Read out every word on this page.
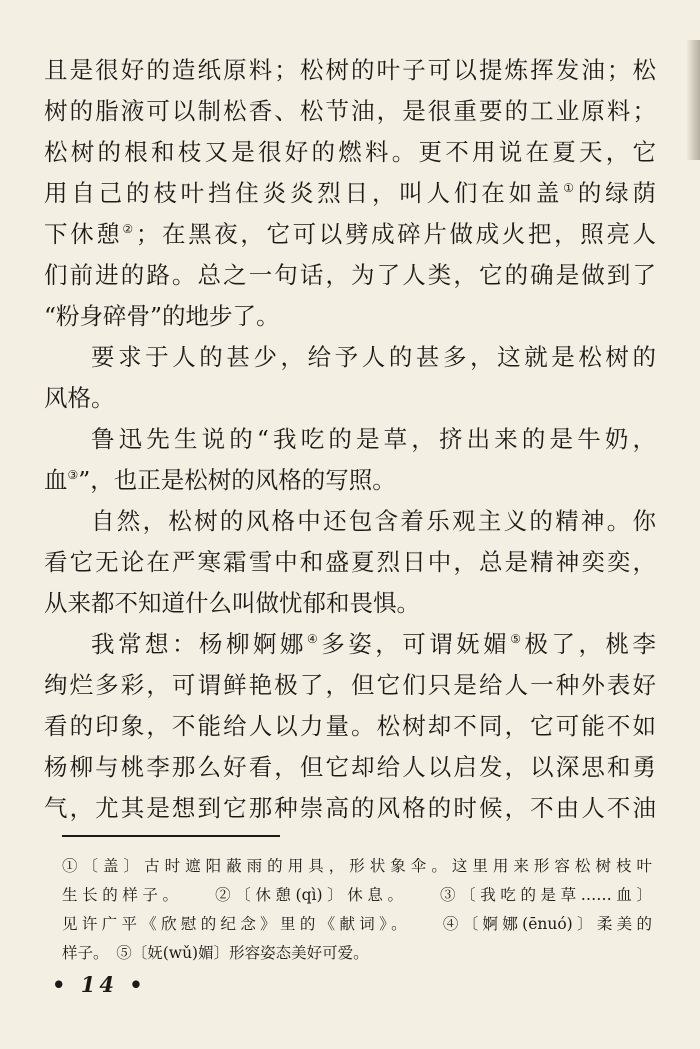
且是很好的造纸原料；松树的叶子可以提炼挥发油；松
树的脂液可以制松香、松节油，是很重要的工业原料；
松树的根和枝又是很好的燃料。更不用说在夏天，它
用自己的枝叶挡住炎炎烈日，叫人们在如盖①的绿荫
下休憩②；在黑夜，它可以劈成碎片做成火把，照亮人
们前进的路。总之一句话，为了人类，它的确是做到了
“粉身碎骨”的地步了。
要求于人的甚少，给予人的甚多，这就是松树的
风格。
鲁迅先生说的“我吃的是草，挤出来的是牛奶，
血③”，也正是松树的风格的写照。
自然，松树的风格中还包含着乐观主义的精神。你
看它无论在严寒霜雪中和盛夏烈日中，总是精神奕奕，
从来都不知道什么叫做忧郁和畏惧。
我常想：杨柳婀娜④多姿，可谓妩媚⑤极了，桃李
绚烂多彩，可谓鲜艳极了，但它们只是给人一种外表好
看的印象，不能给人以力量。松树却不同，它可能不如
杨柳与桃李那么好看，但它却给人以启发，以深思和勇
气，尤其是想到它那种崇高的风格的时候，不由人不油
①〔盖〕古时遮阳蔽雨的用具，形状象伞。这里用来形容松树枝叶
生长的样子。　　②〔休憩(qì)〕休息。　　③〔我吃的是草……血〕
见许广平《欣慰的纪念》里的《献词》。　　④〔婀娜(ēnuó)〕柔美的
样子。　⑤〔妩(wǔ)媚〕形容姿态美好可爱。
• 14 •
